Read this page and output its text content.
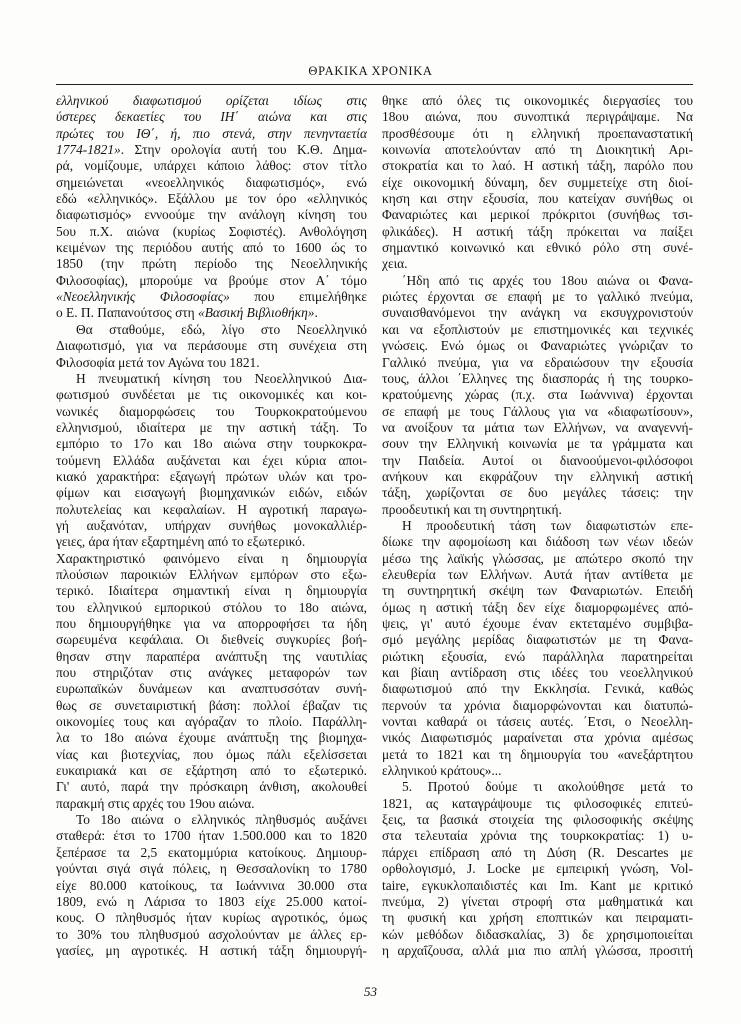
ΘΡΑΚΙΚΑ ΧΡΟΝΙΚΑ
ελληνικού διαφωτισμού ορίζεται ιδίως στις
ύστερες δεκαετίες του ΙΗ΄ αιώνα και στις
πρώτες του ΙΘ΄, ή, πιο στενά, στην πενηνταετία
1774-1821». Στην ορολογία αυτή του Κ.Θ. Δημα-
ρά, νομίζουμε, υπάρχει κάποιο λάθος: στον τίτλο
σημειώνεται «νεοελληνικός διαφωτισμός», ενώ
εδώ «ελληνικός». Εξάλλου με τον όρο «ελληνικός
διαφωτισμός» εννοούμε την ανάλογη κίνηση του
5ου π.Χ. αιώνα (κυρίως Σοφιστές). Ανθολόγηση
κειμένων της περιόδου αυτής από το 1600 ώς το
1850 (την πρώτη περίοδο της Νεοελληνικής
Φιλοσοφίας), μπορούμε να βρούμε στον Α΄ τόμο
«Νεοελληνικής Φιλοσοφίας» που επιμελήθηκε
ο Ε. Π. Παπανούτσος στη «Βασική Βιβλιοθήκη».
Θα σταθούμε, εδώ, λίγο στο Νεοελληνικό
Διαφωτισμό, για να περάσουμε στη συνέχεια στη
Φιλοσοφία μετά τον Αγώνα του 1821.
Η πνευματική κίνηση του Νεοελληνικού Δια-
φωτισμού συνδέεται με τις οικονομικές και κοι-
νωνικές διαμορφώσεις του Τουρκοκρατούμενου
ελληνισμού, ιδιαίτερα με την αστική τάξη. Το
εμπόριο το 17ο και 18ο αιώνα στην τουρκοκρα-
τούμενη Ελλάδα αυξάνεται και έχει κύρια αποι-
κιακό χαρακτήρα: εξαγωγή πρώτων υλών και τρο-
φίμων και εισαγωγή βιομηχανικών ειδών, ειδών
πολυτελείας και κεφαλαίων. Η αγροτική παραγω-
γή αυξανόταν, υπήρχαν συνήθως μονοκαλλιέρ-
γειες, άρα ήταν εξαρτημένη από το εξωτερικό.
Χαρακτηριστικό φαινόμενο είναι η δημιουργία
πλούσιων παροικιών Ελλήνων εμπόρων στο εξω-
τερικό. Ιδιαίτερα σημαντική είναι η δημιουργία
του ελληνικού εμπορικού στόλου το 18ο αιώνα,
που δημιουργήθηκε για να απορροφήσει τα ήδη
σωρευμένα κεφάλαια. Οι διεθνείς συγκυρίες βοή-
θησαν στην παραπέρα ανάπτυξη της ναυτιλίας
που στηριζόταν στις ανάγκες μεταφορών των
ευρωπαϊκών δυνάμεων και αναπτυσσόταν συνή-
θως σε συνεταιριστική βάση: πολλοί έβαζαν τις
οικονομίες τους και αγόραζαν το πλοίο. Παράλλη-
λα το 18ο αιώνα έχουμε ανάπτυξη της βιομηχα-
νίας και βιοτεχνίας, που όμως πάλι εξελίσσεται
ευκαιριακά και σε εξάρτηση από το εξωτερικό.
Γι' αυτό, παρά την πρόσκαιρη άνθιση, ακολουθεί
παρακμή στις αρχές του 19ου αιώνα.
Το 18ο αιώνα ο ελληνικός πληθυσμός αυξάνει
σταθερά: έτσι το 1700 ήταν 1.500.000 και το 1820
ξεπέρασε τα 2,5 εκατομμύρια κατοίκους. Δημιουρ-
γούνται σιγά σιγά πόλεις, η Θεσσαλονίκη το 1780
είχε 80.000 κατοίκους, τα Ιωάννινα 30.000 στα
1809, ενώ η Λάρισα το 1803 είχε 25.000 κατοί-
κους. Ο πληθυσμός ήταν κυρίως αγροτικός, όμως
το 30% του πληθυσμού ασχολούνταν με άλλες ερ-
γασίες, μη αγροτικές. Η αστική τάξη δημιουργή-
θηκε από όλες τις οικονομικές διεργασίες του
18ου αιώνα, που συνοπτικά περιγράψαμε. Να
προσθέσουμε ότι η ελληνική προεπαναστατική
κοινωνία αποτελούνταν από τη Διοικητική Αρι-
στοκρατία και το λαό. Η αστική τάξη, παρόλο που
είχε οικονομική δύναμη, δεν συμμετείχε στη διοί-
κηση και στην εξουσία, που κατείχαν συνήθως οι
Φαναριώτες και μερικοί πρόκριτοι (συνήθως τσι-
φλικάδες). Η αστική τάξη πρόκειται να παίξει
σημαντικό κοινωνικό και εθνικό ρόλο στη συνέ-
χεια.
΄Ηδη από τις αρχές του 18ου αιώνα οι Φανα-
ριώτες έρχονται σε επαφή με το γαλλικό πνεύμα,
συναισθανόμενοι την ανάγκη να εκσυγχρονιστούν
και να εξοπλιστούν με επιστημονικές και τεχνικές
γνώσεις. Ενώ όμως οι Φαναριώτες γνώριζαν το
Γαλλικό πνεύμα, για να εδραιώσουν την εξουσία
τους, άλλοι ΄Ελληνες της διασποράς ή της τουρκο-
κρατούμενης χώρας (π.χ. στα Ιωάννινα) έρχονται
σε επαφή με τους Γάλλους για να «διαφωτίσουν»,
να ανοίξουν τα μάτια των Ελλήνων, να αναγεννή-
σουν την Ελληνική κοινωνία με τα γράμματα και
την Παιδεία. Αυτοί οι διανοούμενοι-φιλόσοφοι
ανήκουν και εκφράζουν την ελληνική αστική
τάξη, χωρίζονται σε δυο μεγάλες τάσεις: την
προοδευτική και τη συντηρητική.
Η προοδευτική τάση των διαφωτιστών επε-
δίωκε την αφομοίωση και διάδοση των νέων ιδεών
μέσω της λαϊκής γλώσσας, με απώτερο σκοπό την
ελευθερία των Ελλήνων. Αυτά ήταν αντίθετα με
τη συντηρητική σκέψη των Φαναριωτών. Επειδή
όμως η αστική τάξη δεν είχε διαμορφωμένες από-
ψεις, γι' αυτό έχουμε έναν εκτεταμένο συμβιβα-
σμό μεγάλης μερίδας διαφωτιστών με τη Φανα-
ριώτικη εξουσία, ενώ παράλληλα παρατηρείται
και βίαιη αντίδραση στις ιδέες του νεοελληνικού
διαφωτισμού από την Εκκλησία. Γενικά, καθώς
περνούν τα χρόνια διαμορφώνονται και διατυπώ-
νονται καθαρά οι τάσεις αυτές. ΄Ετσι, ο Νεοελλη-
νικός Διαφωτισμός μαραίνεται στα χρόνια αμέσως
μετά το 1821 και τη δημιουργία του «ανεξάρτητου
ελληνικού κράτους»...
5. Προτού δούμε τι ακολούθησε μετά το
1821, ας καταγράψουμε τις φιλοσοφικές επιτεύ-
ξεις, τα βασικά στοιχεία της φιλοσοφικής σκέψης
στα τελευταία χρόνια της τουρκοκρατίας: 1) υ-
πάρχει επίδραση από τη Δύση (R. Descartes με
ορθολογισμό, J. Locke με εμπειρική γνώση, Vol-
taire, εγκυκλοπαιδιστές και Im. Kant με κριτικό
πνεύμα, 2) γίνεται στροφή στα μαθηματικά και
τη φυσική και χρήση εποπτικών και πειραματι-
κών μεθόδων διδασκαλίας, 3) δε χρησιμοποιείται
η αρχαΐζουσα, αλλά μια πιο απλή γλώσσα, προσιτή
53
